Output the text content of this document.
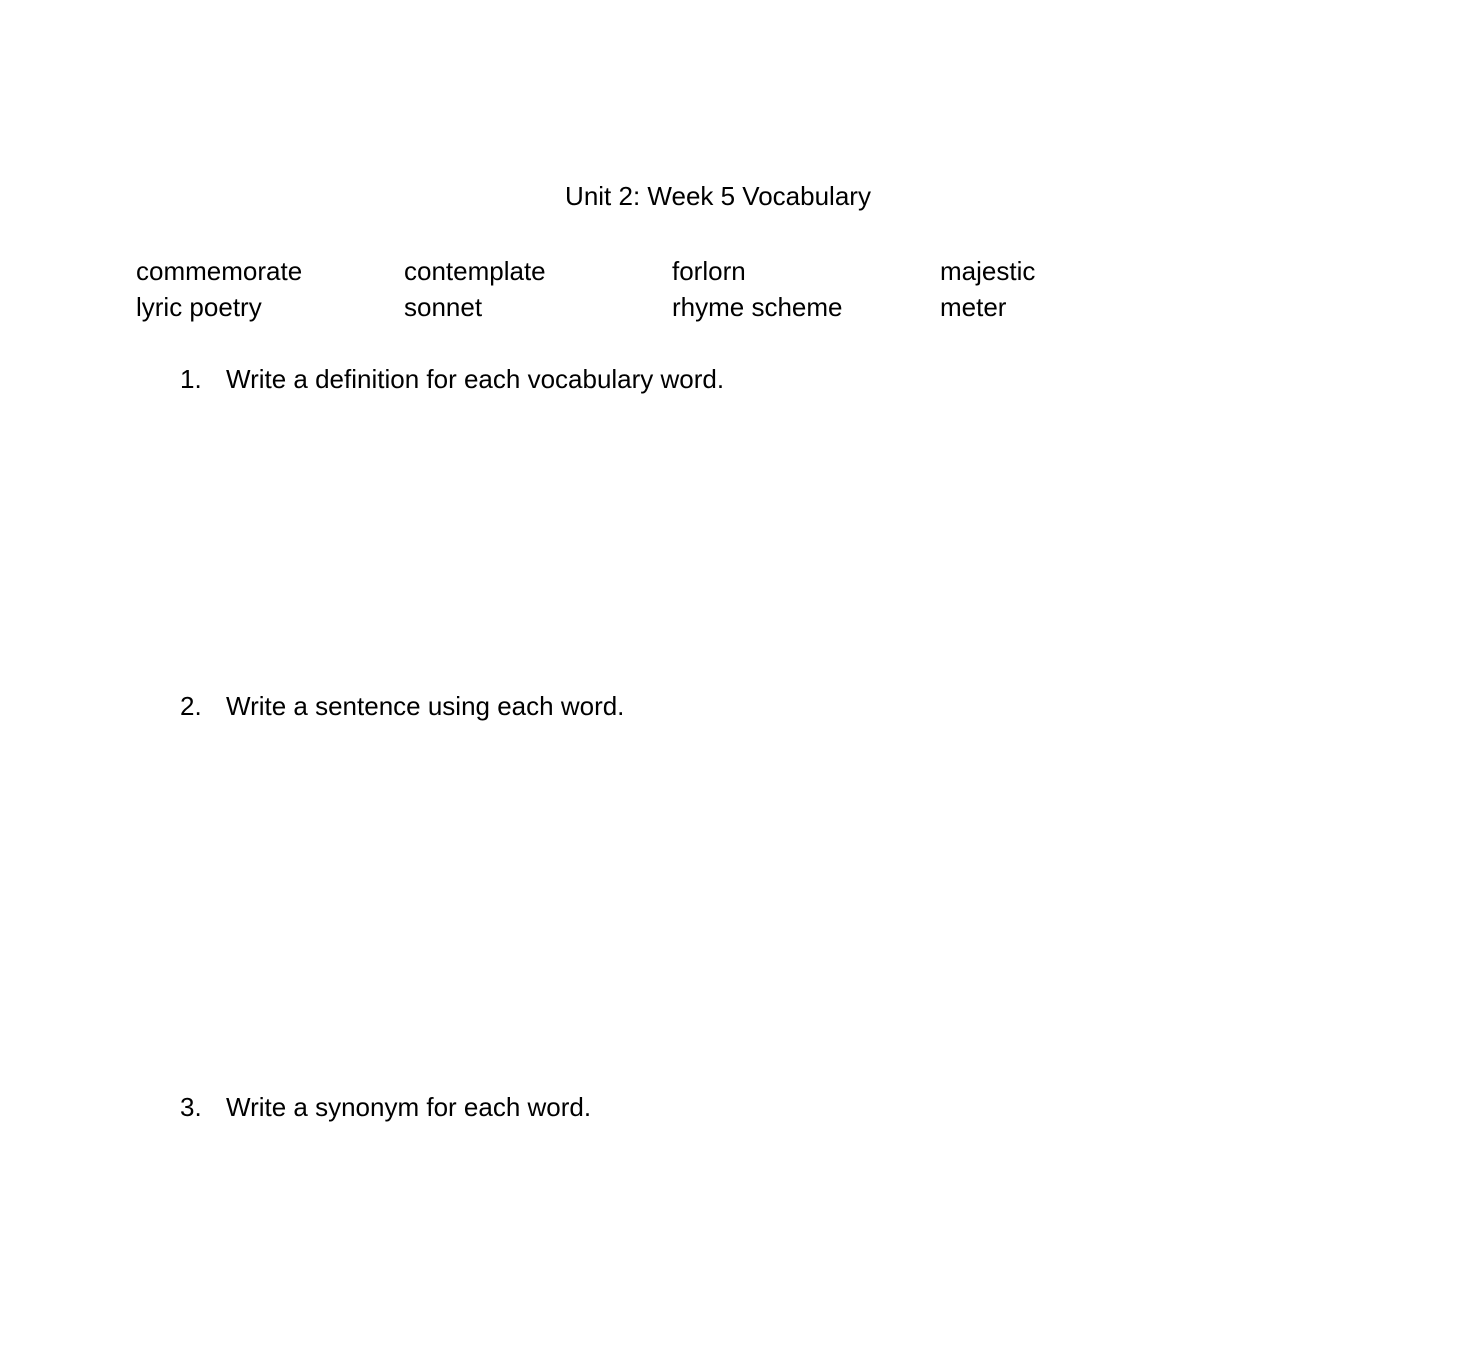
Unit 2: Week 5 Vocabulary
commemorate	contemplate	forlorn	majestic
lyric poetry	sonnet	rhyme scheme	meter
1. Write a definition for each vocabulary word.
2. Write a sentence using each word.
3. Write a synonym for each word.
